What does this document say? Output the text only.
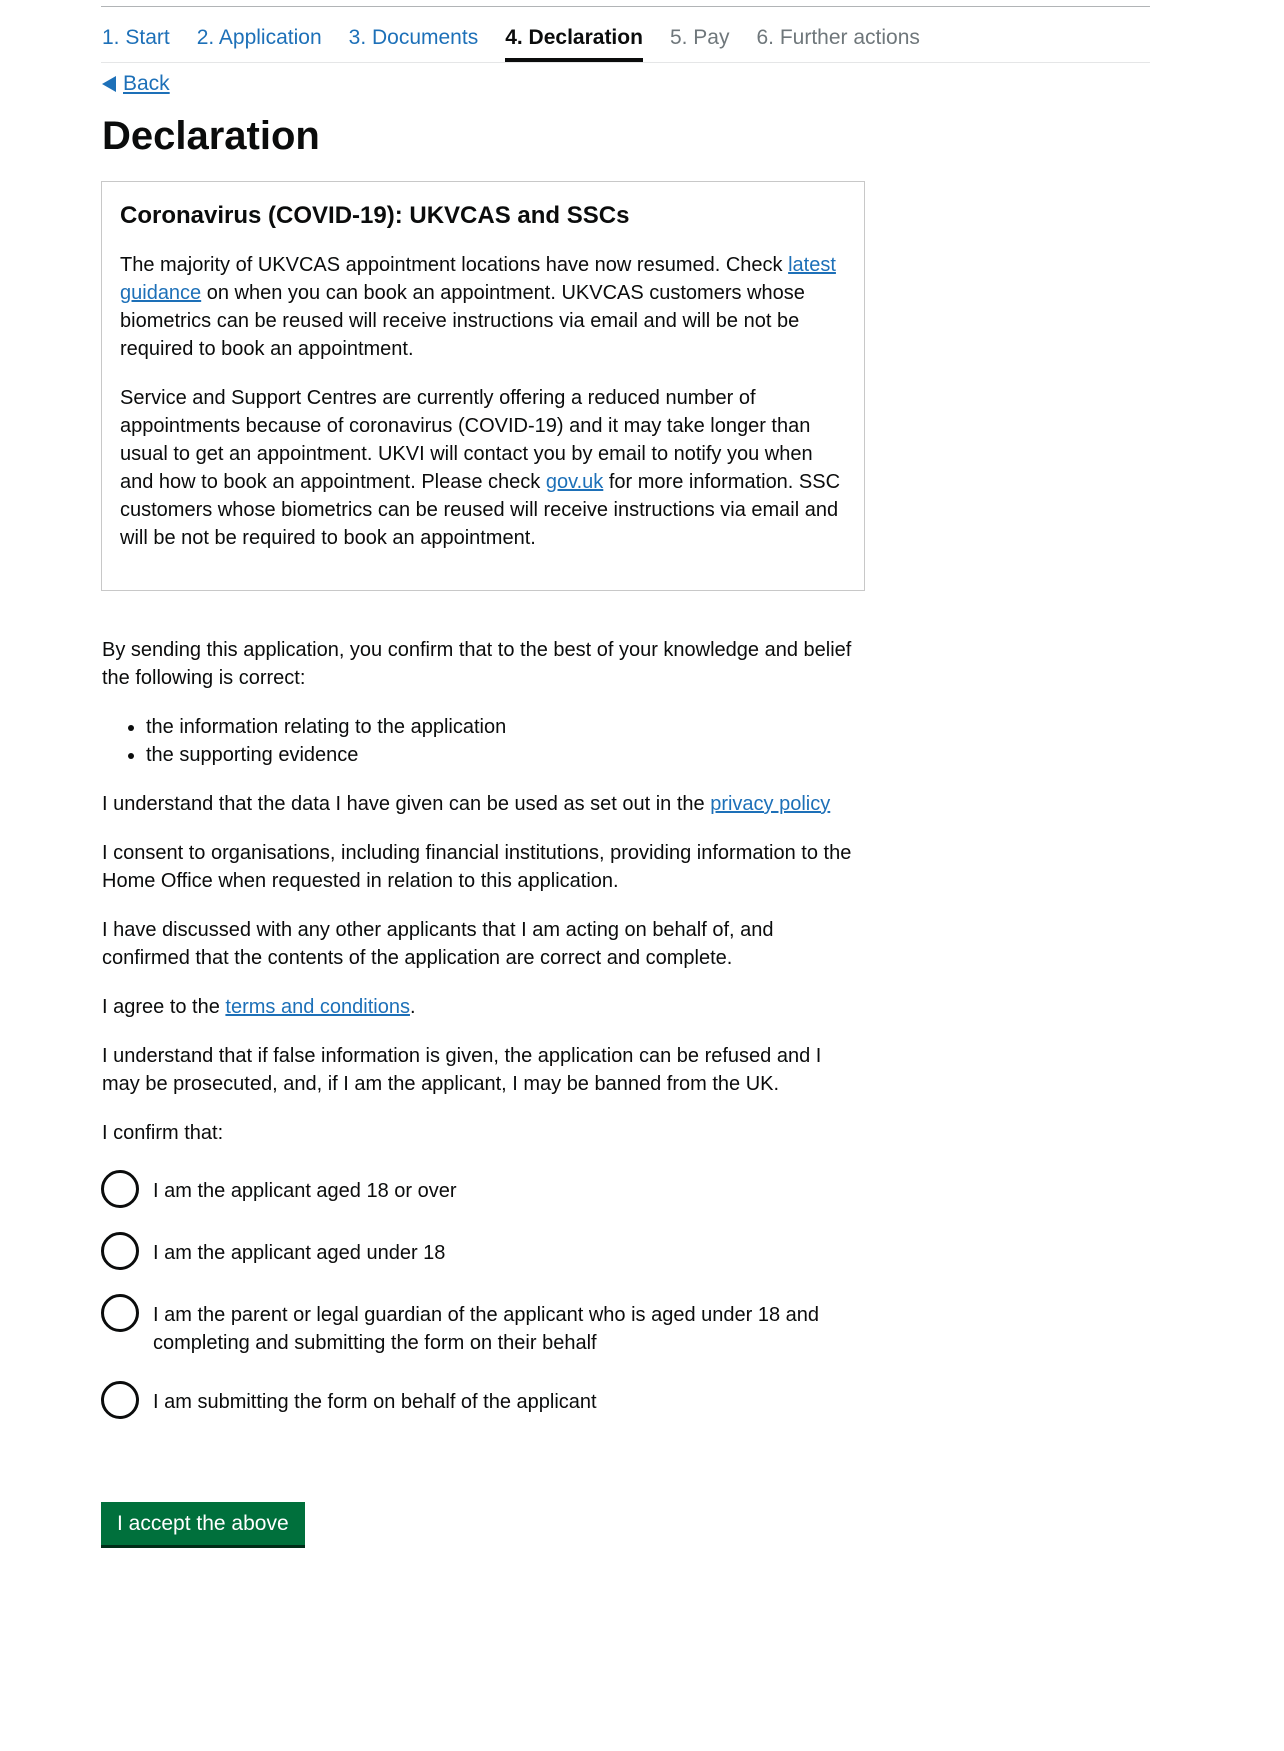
1. Start 2. Application 3. Documents 4. Declaration 5. Pay 6. Further actions
Back
Declaration
Coronavirus (COVID-19): UKVCAS and SSCs

The majority of UKVCAS appointment locations have now resumed. Check latest guidance on when you can book an appointment. UKVCAS customers whose biometrics can be reused will receive instructions via email and will be not be required to book an appointment.

Service and Support Centres are currently offering a reduced number of appointments because of coronavirus (COVID-19) and it may take longer than usual to get an appointment. UKVI will contact you by email to notify you when and how to book an appointment. Please check gov.uk for more information. SSC customers whose biometrics can be reused will receive instructions via email and will be not be required to book an appointment.

By sending this application, you confirm that to the best of your knowledge and belief the following is correct:

• the information relating to the application
• the supporting evidence

I understand that the data I have given can be used as set out in the privacy policy

I consent to organisations, including financial institutions, providing information to the Home Office when requested in relation to this application.

I have discussed with any other applicants that I am acting on behalf of, and confirmed that the contents of the application are correct and complete.

I agree to the terms and conditions.

I understand that if false information is given, the application can be refused and I may be prosecuted, and, if I am the applicant, I may be banned from the UK.

I confirm that:

I am the applicant aged 18 or over
I am the applicant aged under 18
I am the parent or legal guardian of the applicant who is aged under 18 and completing and submitting the form on their behalf
I am submitting the form on behalf of the applicant
I accept the above
